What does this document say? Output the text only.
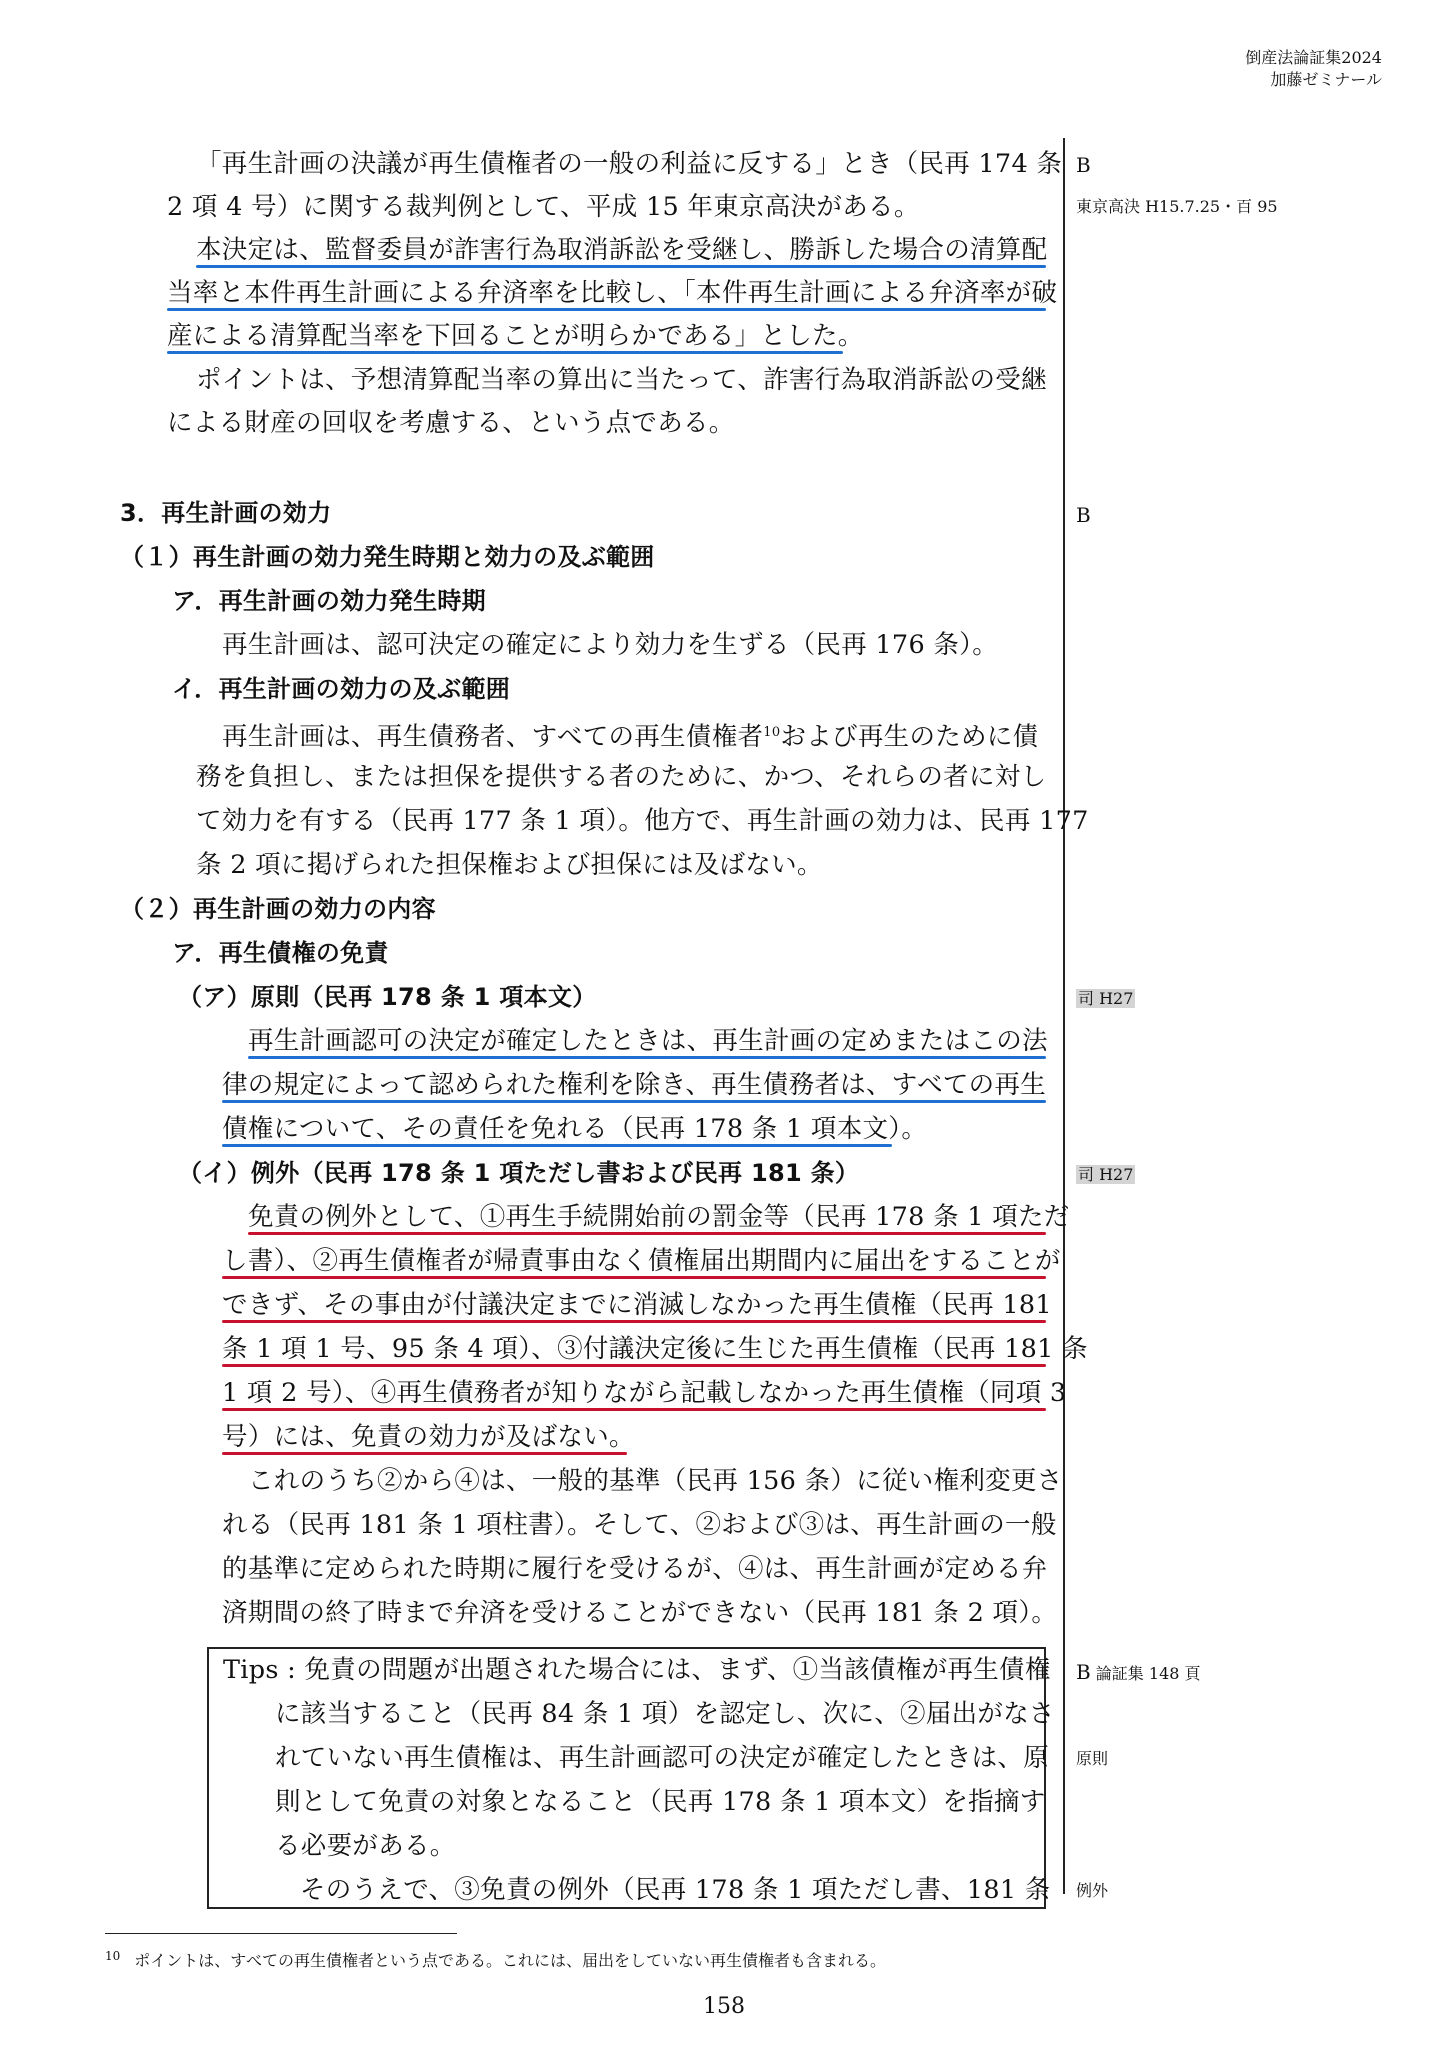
倒産法論証集2024
加藤ゼミナール
「再生計画の決議が再生債権者の一般の利益に反する」とき（民再 174 条
2 項 4 号）に関する裁判例として、平成 15 年東京高決がある。
本決定は、監督委員が詐害行為取消訴訟を受継し、勝訴した場合の清算配
当率と本件再生計画による弁済率を比較し、「本件再生計画による弁済率が破
産による清算配当率を下回ることが明らかである」とした。
ポイントは、予想清算配当率の算出に当たって、詐害行為取消訴訟の受継
による財産の回収を考慮する、という点である。
3．再生計画の効力
（１）再生計画の効力発生時期と効力の及ぶ範囲
ア．再生計画の効力発生時期
再生計画は、認可決定の確定により効力を生ずる（民再 176 条）。
イ．再生計画の効力の及ぶ範囲
再生計画は、再生債務者、すべての再生債権者$^{10}$および再生のために債
務を負担し、または担保を提供する者のために、かつ、それらの者に対し
て効力を有する（民再 177 条 1 項）。他方で、再生計画の効力は、民再 177
条 2 項に掲げられた担保権および担保には及ばない。
（２）再生計画の効力の内容
ア．再生債権の免責
（ア）原則（民再 178 条 1 項本文）
再生計画認可の決定が確定したときは、再生計画の定めまたはこの法
律の規定によって認められた権利を除き、再生債務者は、すべての再生
債権について、その責任を免れる（民再 178 条 1 項本文）。
（イ）例外（民再 178 条 1 項ただし書および民再 181 条）
免責の例外として、①再生手続開始前の罰金等（民再 178 条 1 項ただ
し書）、②再生債権者が帰責事由なく債権届出期間内に届出をすることが
できず、その事由が付議決定までに消滅しなかった再生債権（民再 181
条 1 項 1 号、95 条 4 項）、③付議決定後に生じた再生債権（民再 181 条
1 項 2 号）、④再生債務者が知りながら記載しなかった再生債権（同項 3
号）には、免責の効力が及ばない。
これのうち②から④は、一般的基準（民再 156 条）に従い権利変更さ
れる（民再 181 条 1 項柱書）。そして、②および③は、再生計画の一般
的基準に定められた時期に履行を受けるが、④は、再生計画が定める弁
済期間の終了時まで弁済を受けることができない（民再 181 条 2 項）。
Tips : 免責の問題が出題された場合には、まず、①当該債権が再生債権
に該当すること（民再 84 条 1 項）を認定し、次に、②届出がなさ
れていない再生債権は、再生計画認可の決定が確定したときは、原
則として免責の対象となること（民再 178 条 1 項本文）を指摘す
る必要がある。
そのうえで、③免責の例外（民再 178 条 1 項ただし書、181 条
B
東京高決 H15.7.25・百 95
B
司 H27
司 H27
B 論証集 148 頁
原則
例外
$^{10}$ ポイントは、すべての再生債権者という点である。これには、届出をしていない再生債権者も含まれる。
158
